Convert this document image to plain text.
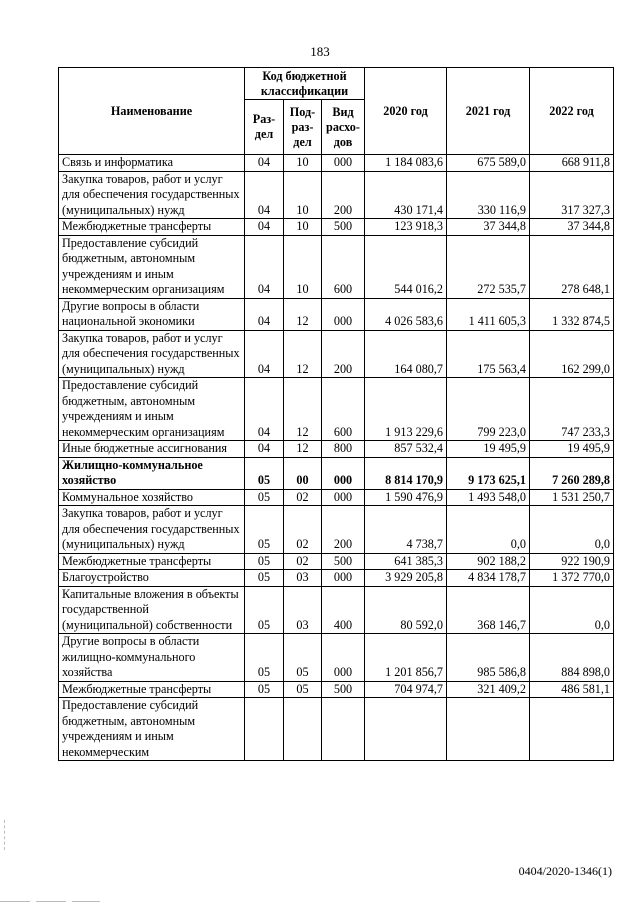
183
Наименование	Код бюджетной классификации			2020 год	2021 год	2022 год
	Раз-дел	Под-раз-дел	Вид расхо-дов			
Связь и информатика	04	10	000	1 184 083,6	675 589,0	668 911,8
Закупка товаров, работ и услуг для обеспечения государственных (муниципальных) нужд	04	10	200	430 171,4	330 116,9	317 327,3
Межбюджетные трансферты	04	10	500	123 918,3	37 344,8	37 344,8
Предоставление субсидий бюджетным, автономным учреждениям и иным некоммерческим организациям	04	10	600	544 016,2	272 535,7	278 648,1
Другие вопросы в области национальной экономики	04	12	000	4 026 583,6	1 411 605,3	1 332 874,5
Закупка товаров, работ и услуг для обеспечения государственных (муниципальных) нужд	04	12	200	164 080,7	175 563,4	162 299,0
Предоставление субсидий бюджетным, автономным учреждениям и иным некоммерческим организациям	04	12	600	1 913 229,6	799 223,0	747 233,3
Иные бюджетные ассигнования	04	12	800	857 532,4	19 495,9	19 495,9
Жилищно-коммунальное хозяйство	05	00	000	8 814 170,9	9 173 625,1	7 260 289,8
Коммунальное хозяйство	05	02	000	1 590 476,9	1 493 548,0	1 531 250,7
Закупка товаров, работ и услуг для обеспечения государственных (муниципальных) нужд	05	02	200	4 738,7	0,0	0,0
Межбюджетные трансферты	05	02	500	641 385,3	902 188,2	922 190,9
Благоустройство	05	03	000	3 929 205,8	4 834 178,7	1 372 770,0
Капитальные вложения в объекты государственной (муниципальной) собственности	05	03	400	80 592,0	368 146,7	0,0
Другие вопросы в области жилищно-коммунального хозяйства	05	05	000	1 201 856,7	985 586,8	884 898,0
Межбюджетные трансферты	05	05	500	704 974,7	321 409,2	486 581,1
Предоставление субсидий бюджетным, автономным учреждениям и иным некоммерческим						
0404/2020-1346(1)
